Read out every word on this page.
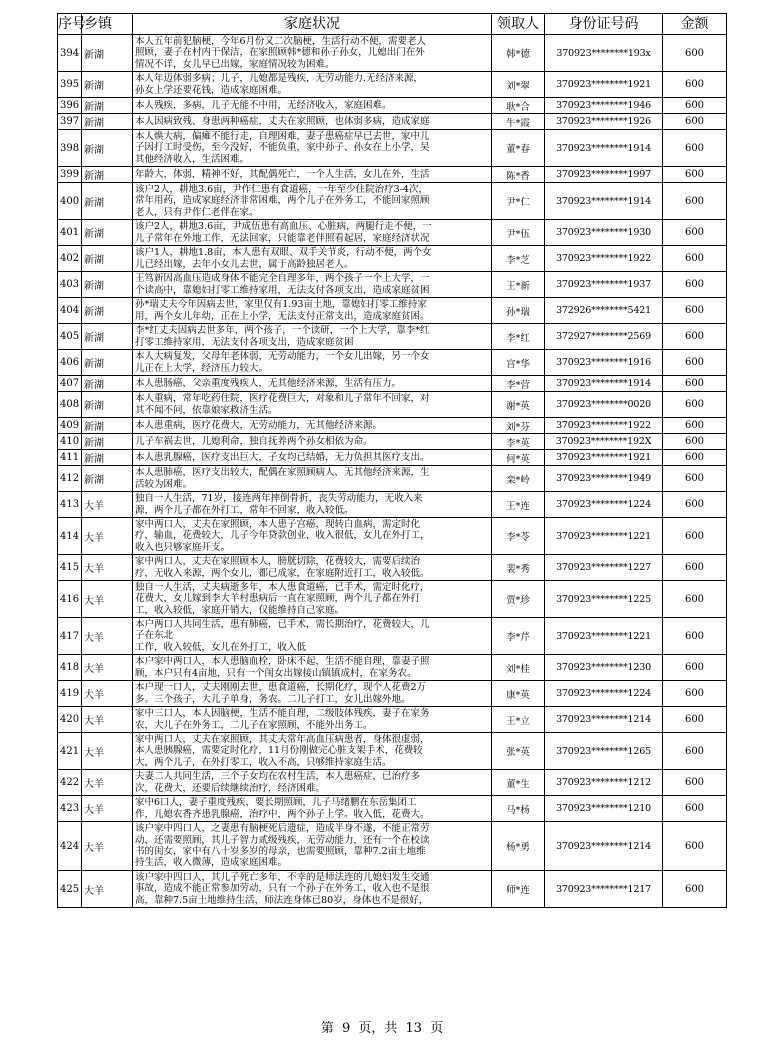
序号	乡镇	家庭状况	领取人	身份证号码	金额
394	新湖	本人五年前犯脑梗，今年6月份又二次脑梗，生活行动不便，需要老人
照顾，妻子在村内干保洁，在家照顾韩*德和孙子孙女，儿媳出门在外
情况不详，女儿早已出嫁，家庭情况较为困难。	韩*德	370923********193x	600
395	新湖	本人年迈体弱多病；儿子，儿媳都是残疾，无劳动能力.无经济来源，
孙女上学还要花钱，造成家庭困难。	刘*翠	370923********1921	600
396	新湖	本人残疾，多病，儿子无能不中用，无经济收入，家庭困难。	耿*合	370923********1946	600
397	新湖	本人因病致残、身患两种癌症，丈夫在家照顾，也体弱多病，造成家庭	牛*霞	370923********1926	600
398	新湖	本人焕大病，偏瘫不能行走，自理困难，妻子患癌症早已去世，家中儿
子因打工时受伤，至今没好，不能负重，家中孙子、孙女在上小学，吴
其他经济收入，生活困难。	董*春	370923********1914	600
399	新湖	年龄大，体弱，精神不好，其配偶死亡，一个人生活，女儿在外，生活	陈*香	370923********1997	600
400	新湖	该户2人，耕地3.6亩，尹作仁患有食道癌，一年至少住院治疗3-4次，
常年用药，造成家庭经济非常困难，两个儿子在外务工，不能回家照顾
老人，只有尹作仁老伴在家。	尹*仁	370923********1914	600
401	新湖	该户2人，耕地3.6亩，尹成伍患有高血压、心脏病，两腿行走不便，一
儿子常年在外地工作，无法回家，只能靠老伴照看起居，家庭经济状况	尹*伍	370923********1930	600
402	新湖	该户1人，耕地1.8亩，本人患有双眼、双手关节炎，行动不便，两个女
儿已经出嫁，去年小女儿去世，属于高龄独居老人。	李*芝	370923********1922	600
403	新湖	王笃新因高血压造成身体不能完全自理多年，两个孩子一个上大学，一
个读高中，靠媳妇打零工维持家用，无法支付各项支出，造成家庭贫困	王*新	370923********1937	600
404	新湖	孙*瑞丈夫今年因病去世，家里仅有1.93亩土地，靠媳妇打零工维持家
用，两个女儿年幼，正在上小学，无法支付正常支出，造成家庭贫困。	孙*瑞	372926********5421	600
405	新湖	李*红丈夫因病去世多年，两个孩子，一个读研，一个上大学，靠李*红
打零工维持家用，无法支付各项支出，造成家庭贫困	李*红	372927********2569	600
406	新湖	本人大病复发，父母年老体弱，无劳动能力，一个女儿出嫁，另一个女
儿正在上大学，经济压力较大。	宫*华	370923********1916	600
407	新湖	本人患肠癌，父亲重度残疾人，无其他经济来源，生活有压力。	李*营	370923********1914	600
408	新湖	本人重病，常年吃药住院，医疗花费巨大，对象和儿子常年不回家，对
其不闻不问，依靠娘家救济生活。	谢*英	370923********0020	600
409	新湖	本人患重病，医疗花费大，无劳动能力，无其他经济来源。	刘*芬	370923********1922	600
410	新湖	儿子车祸去世，儿媳利命，独自抚养两个孙女相依为命。	李*英	370923********192X	600
411	新湖	本人患乳腺癌，医疗支出巨大，子女均已结婚，无力负担其医疗支出。	何*英	370923********1921	600
412	新湖	本人患肺癌，医疗支出较大，配偶在家照顾病人，无其他经济来源，生
活较为困难。	栾*岭	370923********1949	600
413	大羊	独自一人生活，71岁，接连两年摔倒骨折，丧失劳动能力，无收入来
源，两个儿子都在外打工，常年不回家，收入较低。	王*连	370923********1224	600
414	大羊	家中两口人，丈夫在家照顾，本人患子宫癌，现转白血病，需定时化
疗，输血，花费较大，儿子今年贷款创业，收入很低，女儿在外打工，
收入也只够家庭开支。	李*苓	370923********1221	600
415	大羊	家中两口人，丈夫在家照顾本人，膀胱切除，花费较大，需要后续治
疗，无收入来源，两个女儿，都已成家，在家庭附近打工，收入较低。	裴*秀	370923********1227	600
416	大羊	独自一人生活，丈夫病逝多年，本人患食道癌，已手术，需定时化疗，
花费大，女儿嫁到李大羊村患病后一直在家照顾，两个儿子都在外打
工，收入较低，家庭开销大，仅能维持自己家庭。	贾*珍	370923********1225	600
417	大羊	本户两口人共同生活，患有肺癌，已手术，需长期治疗，花费较大，儿
子在东北
工作，收入较低，女儿在外打工，收入低	李*芹	370923********1221	600
418	大羊	本户家中两口人，本人患脑血栓，卧床不起，生活不能自理，靠妻子照
顾，本户只有4亩地，只有一个闺女出嫁接山镇镇成村，在家务农。	刘*桂	370923********1230	600
419	大羊	本户现一口人，丈夫刚刚去世，患食道癌，长期化疗，现个人花费2万
多。三个孩子，大儿子单身，务农。二儿子打工，女儿出嫁外地。	康*英	370923********1224	600
420	大羊	家中三口人，本人因脑梗，生活不能自理，二级肢体残疾，妻子在家务
农，大儿子在外务工，二儿子在家照顾，不能外出务工。	王*立	370923********1214	600
421	大羊	家中两口人，丈夫在家照顾，其丈夫常年高血压病患者，身体很虚弱，
本人患胰腺癌，需要定时化疗，11月份刚做完心脏支架手术，花费较
大，两个儿子，在外打零工，收入不高，只够维持家庭生活。	张*英	370923********1265	600
422	大羊	夫妻二人共同生活，三个子女均在农村生活，本人患癌症，已治疗多
次，花费大，还要后续继续治疗，经济困难。	董*生	370923********1212	600
423	大羊	家中6口人，妻子重度残疾，要长期照顾，儿子马绪鹏在东岳集团工
作，儿媳农香齐患乳腺癌，治疗中，两个孙子上学。收入低，花费大。	马*杨	370923********1210	600
424	大羊	该户家中四口人，之妻患有脑梗死后遗症，造成半身不遂，不能正常劳
动，还需要照顾，其儿子智力贰级残疾，无劳动能力，还有一个在校读
书的闺女，家中有八十岁多岁的母亲，也需要照顾，靠种7.2亩土地维
持生活，收入微薄，造成家庭困难。	杨*勇	370923********1214	600
425	大羊	该户家中四口人，其儿子死亡多年，不幸的是师法连的儿媳妇发生交通
事故，造成不能正常参加劳动，只有一个孙子在外务工，收入也不是很
高，靠种7.5亩土地维持生活，师法连身体已80岁，身体也不是很好，	师*连	370923********1217	600
第 9 页，共 13 页
